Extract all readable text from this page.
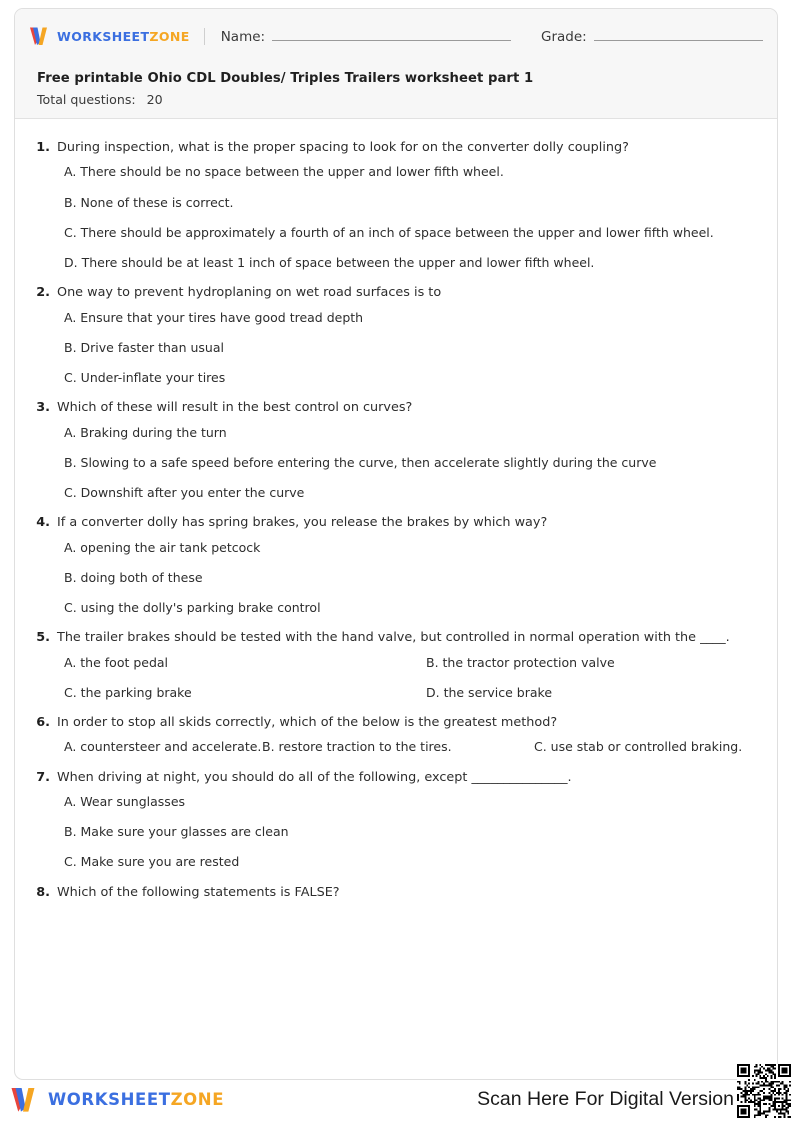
WORKSHEETZONE Name:	Grade:

Free printable Ohio CDL Doubles/ Triples Trailers worksheet part 1

Total questions: 20

1. During inspection, what is the proper spacing to look for on the converter dolly coupling?
A. There should be no space between the upper and lower fifth wheel.
B. None of these is correct.
C. There should be approximately a fourth of an inch of space between the upper and lower fifth wheel.
D. There should be at least 1 inch of space between the upper and lower fifth wheel.
2. One way to prevent hydroplaning on wet road surfaces is to
A. Ensure that your tires have good tread depth
B. Drive faster than usual
C. Under-inflate your tires
3. Which of these will result in the best control on curves?
A. Braking during the turn
B. Slowing to a safe speed before entering the curve, then accelerate slightly during the curve
C. Downshift after you enter the curve
4. If a converter dolly has spring brakes, you release the brakes by which way?
A. opening the air tank petcock
B. doing both of these
C. using the dolly's parking brake control
5. The trailer brakes should be tested with the hand valve, but controlled in normal operation with the ____.
A. the foot pedal	B. the tractor protection valve
C. the parking brake	D. the service brake
6. In order to stop all skids correctly, which of the below is the greatest method?
A. countersteer and accelerate. B. restore traction to the tires.	C. use stab or controlled braking.
7. When driving at night, you should do all of the following, except _______________.
A. Wear sunglasses
B. Make sure your glasses are clean
C. Make sure you are rested
8. Which of the following statements is FALSE?
WORKSHEETZONE	Scan Here For Digital Version
